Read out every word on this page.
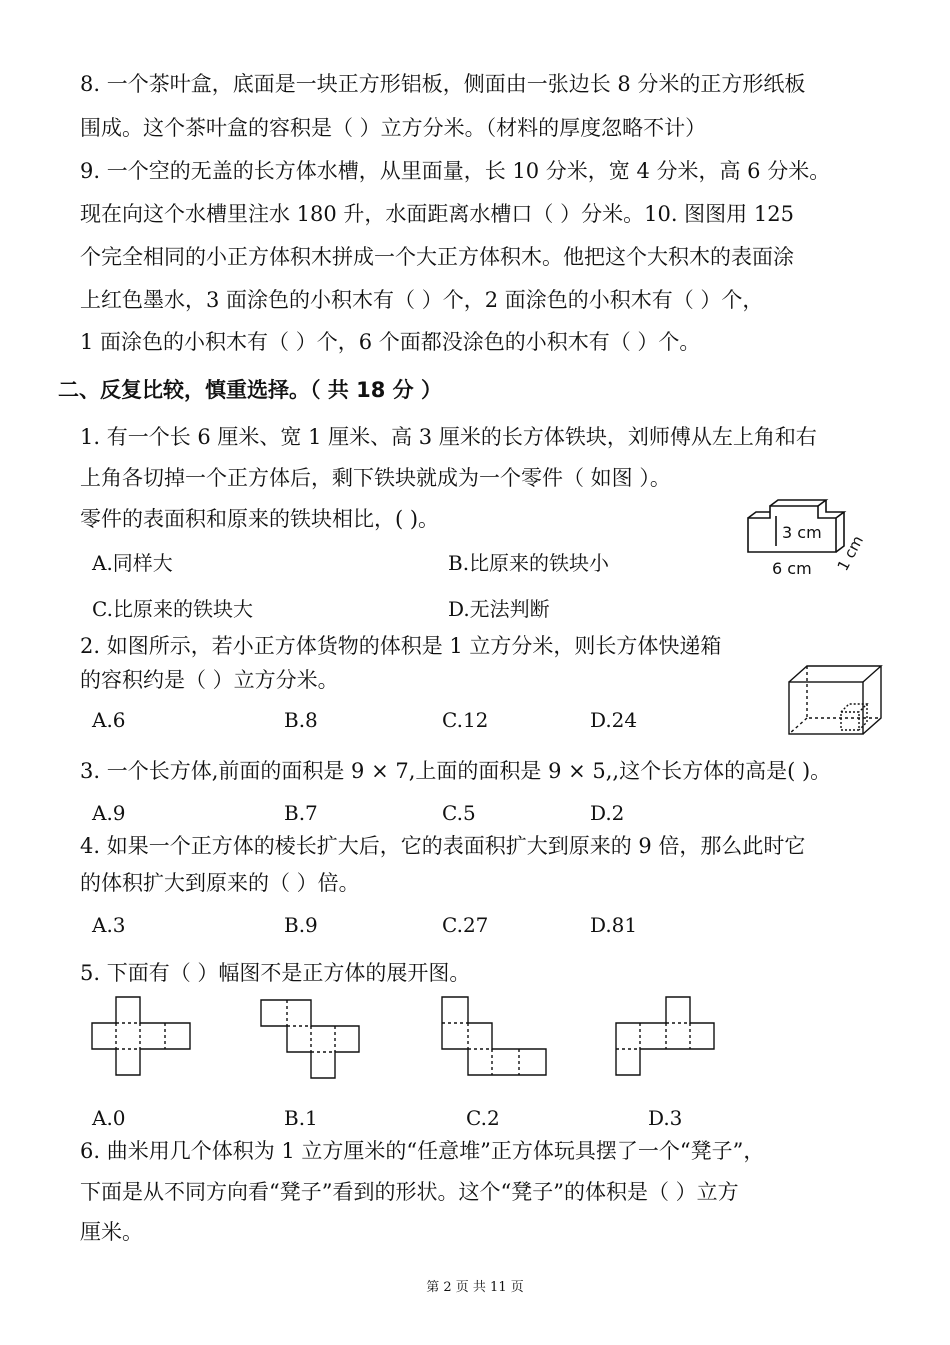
8. 一个茶叶盒，底面是一块正方形铝板，侧面由一张边长 8 分米的正方形纸板
围成。这个茶叶盒的容积是（ ）立方分米。（材料的厚度忽略不计）
9. 一个空的无盖的长方体水槽，从里面量，长 10 分米，宽 4 分米，高 6 分米。
现在向这个水槽里注水 180 升，水面距离水槽口（ ）分米。10. 图图用 125
个完全相同的小正方体积木拼成一个大正方体积木。他把这个大积木的表面涂
上红色墨水，3 面涂色的小积木有（ ）个，2 面涂色的小积木有（ ）个，
1 面涂色的小积木有（ ）个，6 个面都没涂色的小积木有（ ）个。
二、反复比较，慎重选择。（ 共 18 分 ）
1. 有一个长 6 厘米、宽 1 厘米、高 3 厘米的长方体铁块，刘师傅从左上角和右
上角各切掉一个正方体后，剩下铁块就成为一个零件（ 如图 ）。
零件的表面积和原来的铁块相比，( )。
A.同样大	B.比原来的铁块小
C.比原来的铁块大	D.无法判断
3 cm
6 cm 1 cm
2. 如图所示，若小正方体货物的体积是 1 立方分米，则长方体快递箱
的容积约是（ ）立方分米。
A.6	B.8	C.12	D.24
3. 一个长方体,前面的面积是 9 × 7,上面的面积是 9 × 5,,这个长方体的高是( )。
A.9	B.7	C.5	D.2
4. 如果一个正方体的棱长扩大后，它的表面积扩大到原来的 9 倍，那么此时它
的体积扩大到原来的（ ）倍。
A.3	B.9	C.27	D.81
5. 下面有（ ）幅图不是正方体的展开图。
A.0	B.1	C.2	D.3
6. 曲米用几个体积为 1 立方厘米的“任意堆”正方体玩具摆了一个“凳子”，
下面是从不同方向看“凳子”看到的形状。这个“凳子”的体积是（ ）立方
厘米。
第 2 页 共 11 页
